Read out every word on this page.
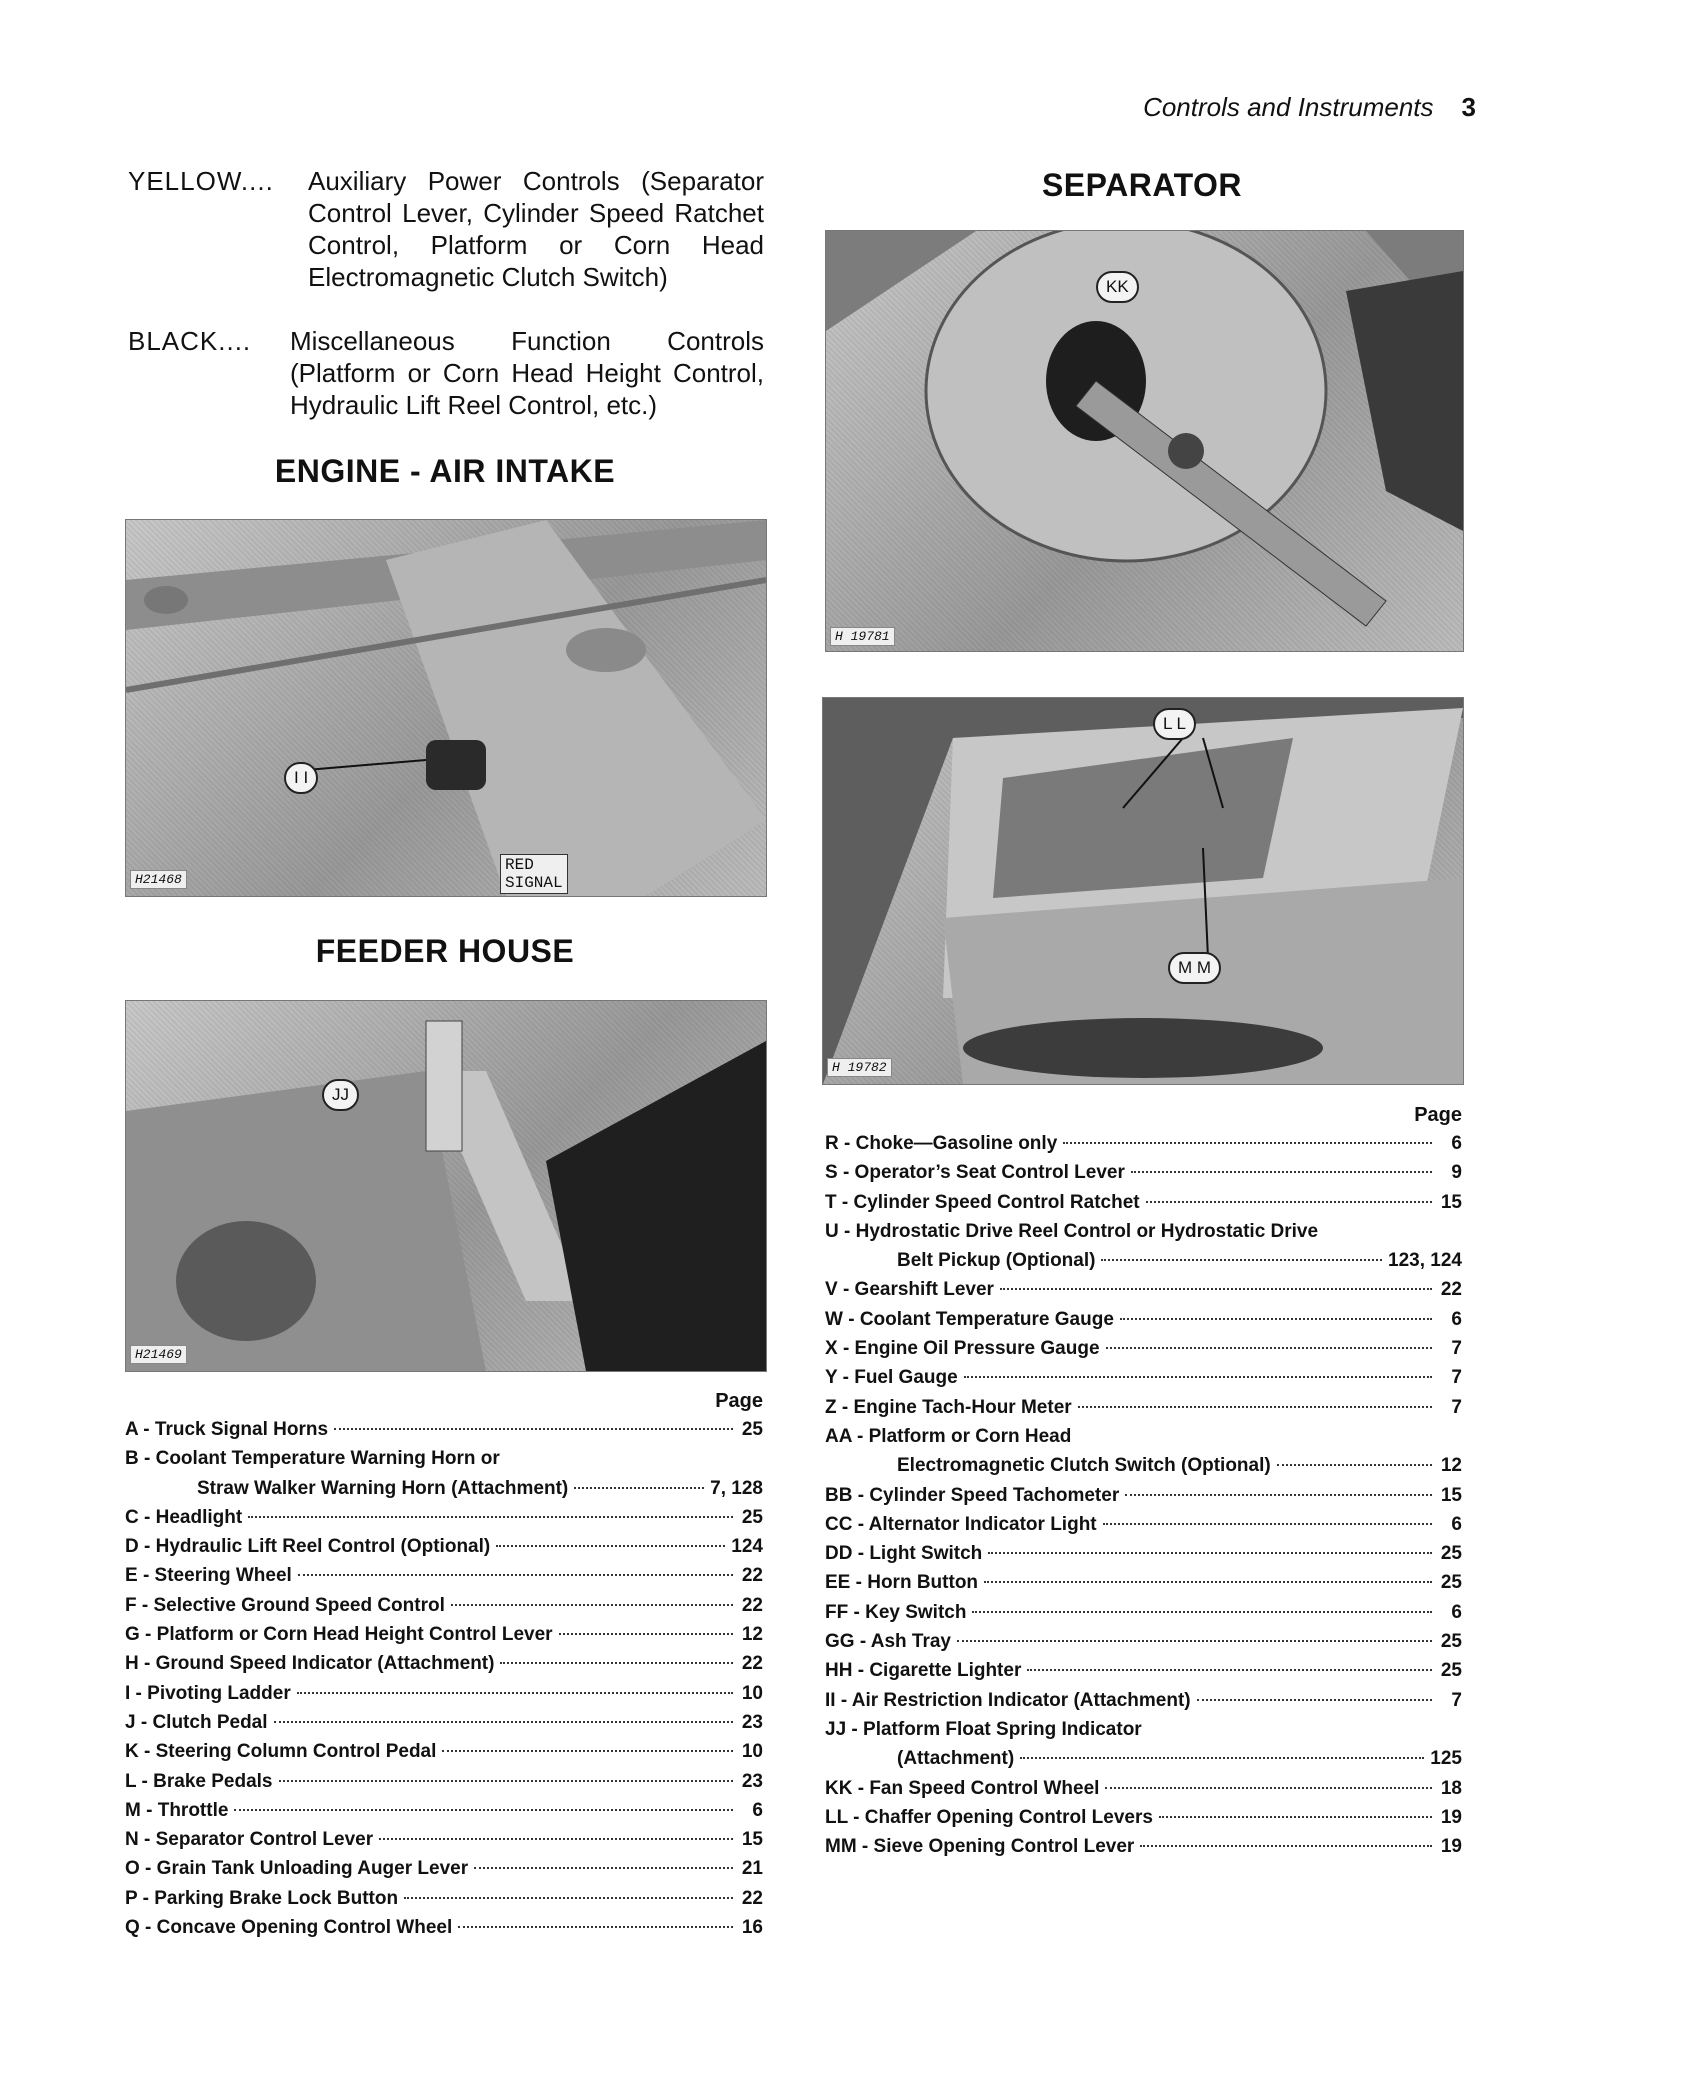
Controls and Instruments 3
YELLOW....	Auxiliary Power Controls (Separator Control Lever, Cylinder Speed Ratchet Control, Platform or Corn Head Electromagnetic Clutch Switch)
BLACK....	Miscellaneous Function Controls (Platform or Corn Head Height Control, Hydraulic Lift Reel Control, etc.)
ENGINE - AIR INTAKE
I I
H21468
RED
SIGNAL
FEEDER HOUSE
JJ
H21469
SEPARATOR
KK
H 19781
L L
M M
H 19782
Page
A - Truck Signal Horns	25
B - Coolant Temperature Warning Horn or
Straw Walker Warning Horn (Attachment)	7, 128
C - Headlight	25
D - Hydraulic Lift Reel Control (Optional)	124
E - Steering Wheel	22
F - Selective Ground Speed Control	22
G - Platform or Corn Head Height Control Lever	12
H - Ground Speed Indicator (Attachment)	22
I - Pivoting Ladder	10
J - Clutch Pedal	23
K - Steering Column Control Pedal	10
L - Brake Pedals	23
M - Throttle	6
N - Separator Control Lever	15
O - Grain Tank Unloading Auger Lever	21
P - Parking Brake Lock Button	22
Q - Concave Opening Control Wheel	16
Page
R - Choke—Gasoline only	6
S - Operator’s Seat Control Lever	9
T - Cylinder Speed Control Ratchet	15
U - Hydrostatic Drive Reel Control or Hydrostatic Drive
Belt Pickup (Optional)	123, 124
V - Gearshift Lever	22
W - Coolant Temperature Gauge	6
X - Engine Oil Pressure Gauge	7
Y - Fuel Gauge	7
Z - Engine Tach-Hour Meter	7
AA - Platform or Corn Head
Electromagnetic Clutch Switch (Optional)	12
BB - Cylinder Speed Tachometer	15
CC - Alternator Indicator Light	6
DD - Light Switch	25
EE - Horn Button	25
FF - Key Switch	6
GG - Ash Tray	25
HH - Cigarette Lighter	25
II - Air Restriction Indicator (Attachment)	7
JJ - Platform Float Spring Indicator
(Attachment)	125
KK - Fan Speed Control Wheel	18
LL - Chaffer Opening Control Levers	19
MM - Sieve Opening Control Lever	19
